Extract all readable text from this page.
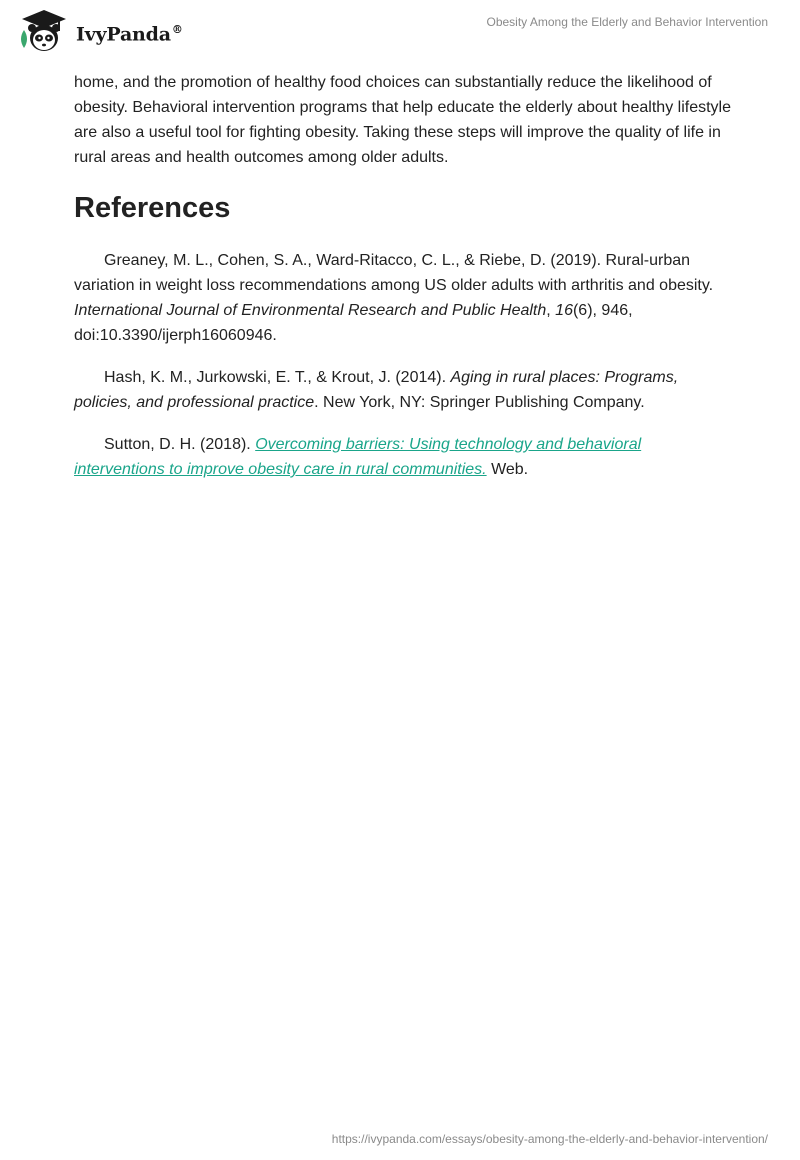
IvyPanda®
Obesity Among the Elderly and Behavior Intervention

home, and the promotion of healthy food choices can substantially reduce the likelihood of obesity. Behavioral intervention programs that help educate the elderly about healthy lifestyle are also a useful tool for fighting obesity. Taking these steps will improve the quality of life in rural areas and health outcomes among older adults.

References

Greaney, M. L., Cohen, S. A., Ward-Ritacco, C. L., & Riebe, D. (2019). Rural-urban variation in weight loss recommendations among US older adults with arthritis and obesity. International Journal of Environmental Research and Public Health, 16(6), 946, doi:10.3390/ijerph16060946.

Hash, K. M., Jurkowski, E. T., & Krout, J. (2014). Aging in rural places: Programs, policies, and professional practice. New York, NY: Springer Publishing Company.

Sutton, D. H. (2018). Overcoming barriers: Using technology and behavioral interventions to improve obesity care in rural communities. Web.

https://ivypanda.com/essays/obesity-among-the-elderly-and-behavior-intervention/
